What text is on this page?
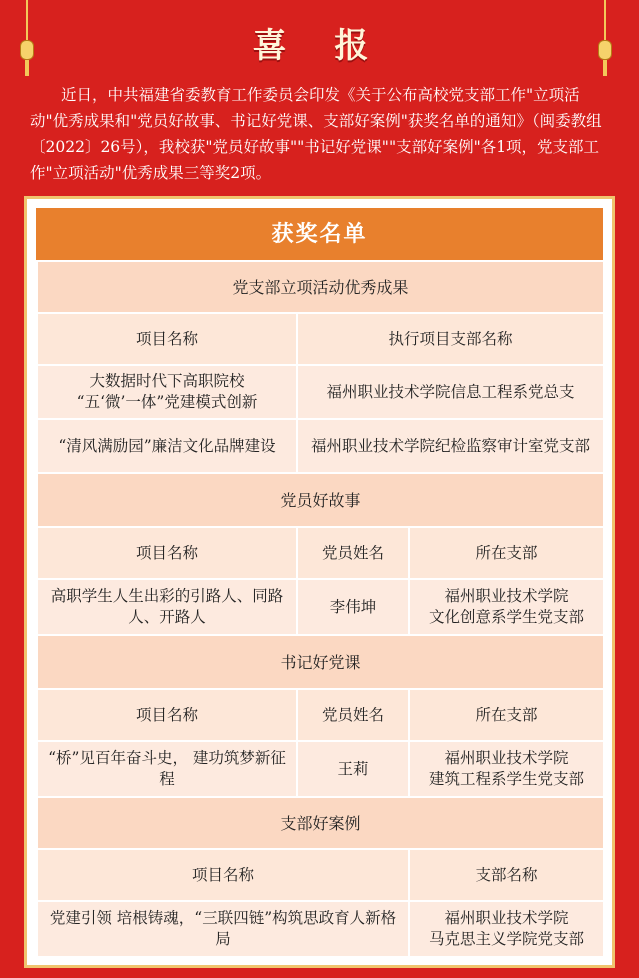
喜 报

近日，中共福建省委教育工作委员会印发《关于公布高校党支部工作"立项活动"优秀成果和"党员好故事、书记好党课、支部好案例"获奖名单的通知》（闽委教组〔2022〕26号），我校获"党员好故事""书记好党课""支部好案例"各1项，党支部工作"立项活动"优秀成果三等奖2项。

获奖名单
党支部立项活动优秀成果		
项目名称	执行项目支部名称	
大数据时代下高职院校
“五‘微’一体”党建模式创新	福州职业技术学院信息工程系党总支	
“清风满励园”廉洁文化品牌建设	福州职业技术学院纪检监察审计室党支部	
党员好故事		
项目名称	党员姓名	所在支部
高职学生人生出彩的引路人、同路人、开路人	李伟坤	福州职业技术学院
文化创意系学生党支部
书记好党课		
项目名称	党员姓名	所在支部
“桥”见百年奋斗史， 建功筑梦新征程	王莉	福州职业技术学院
建筑工程系学生党支部
支部好案例		
项目名称		支部名称
党建引领 培根铸魂，“三联四链”构筑思政育人新格局		福州职业技术学院
马克思主义学院党支部
